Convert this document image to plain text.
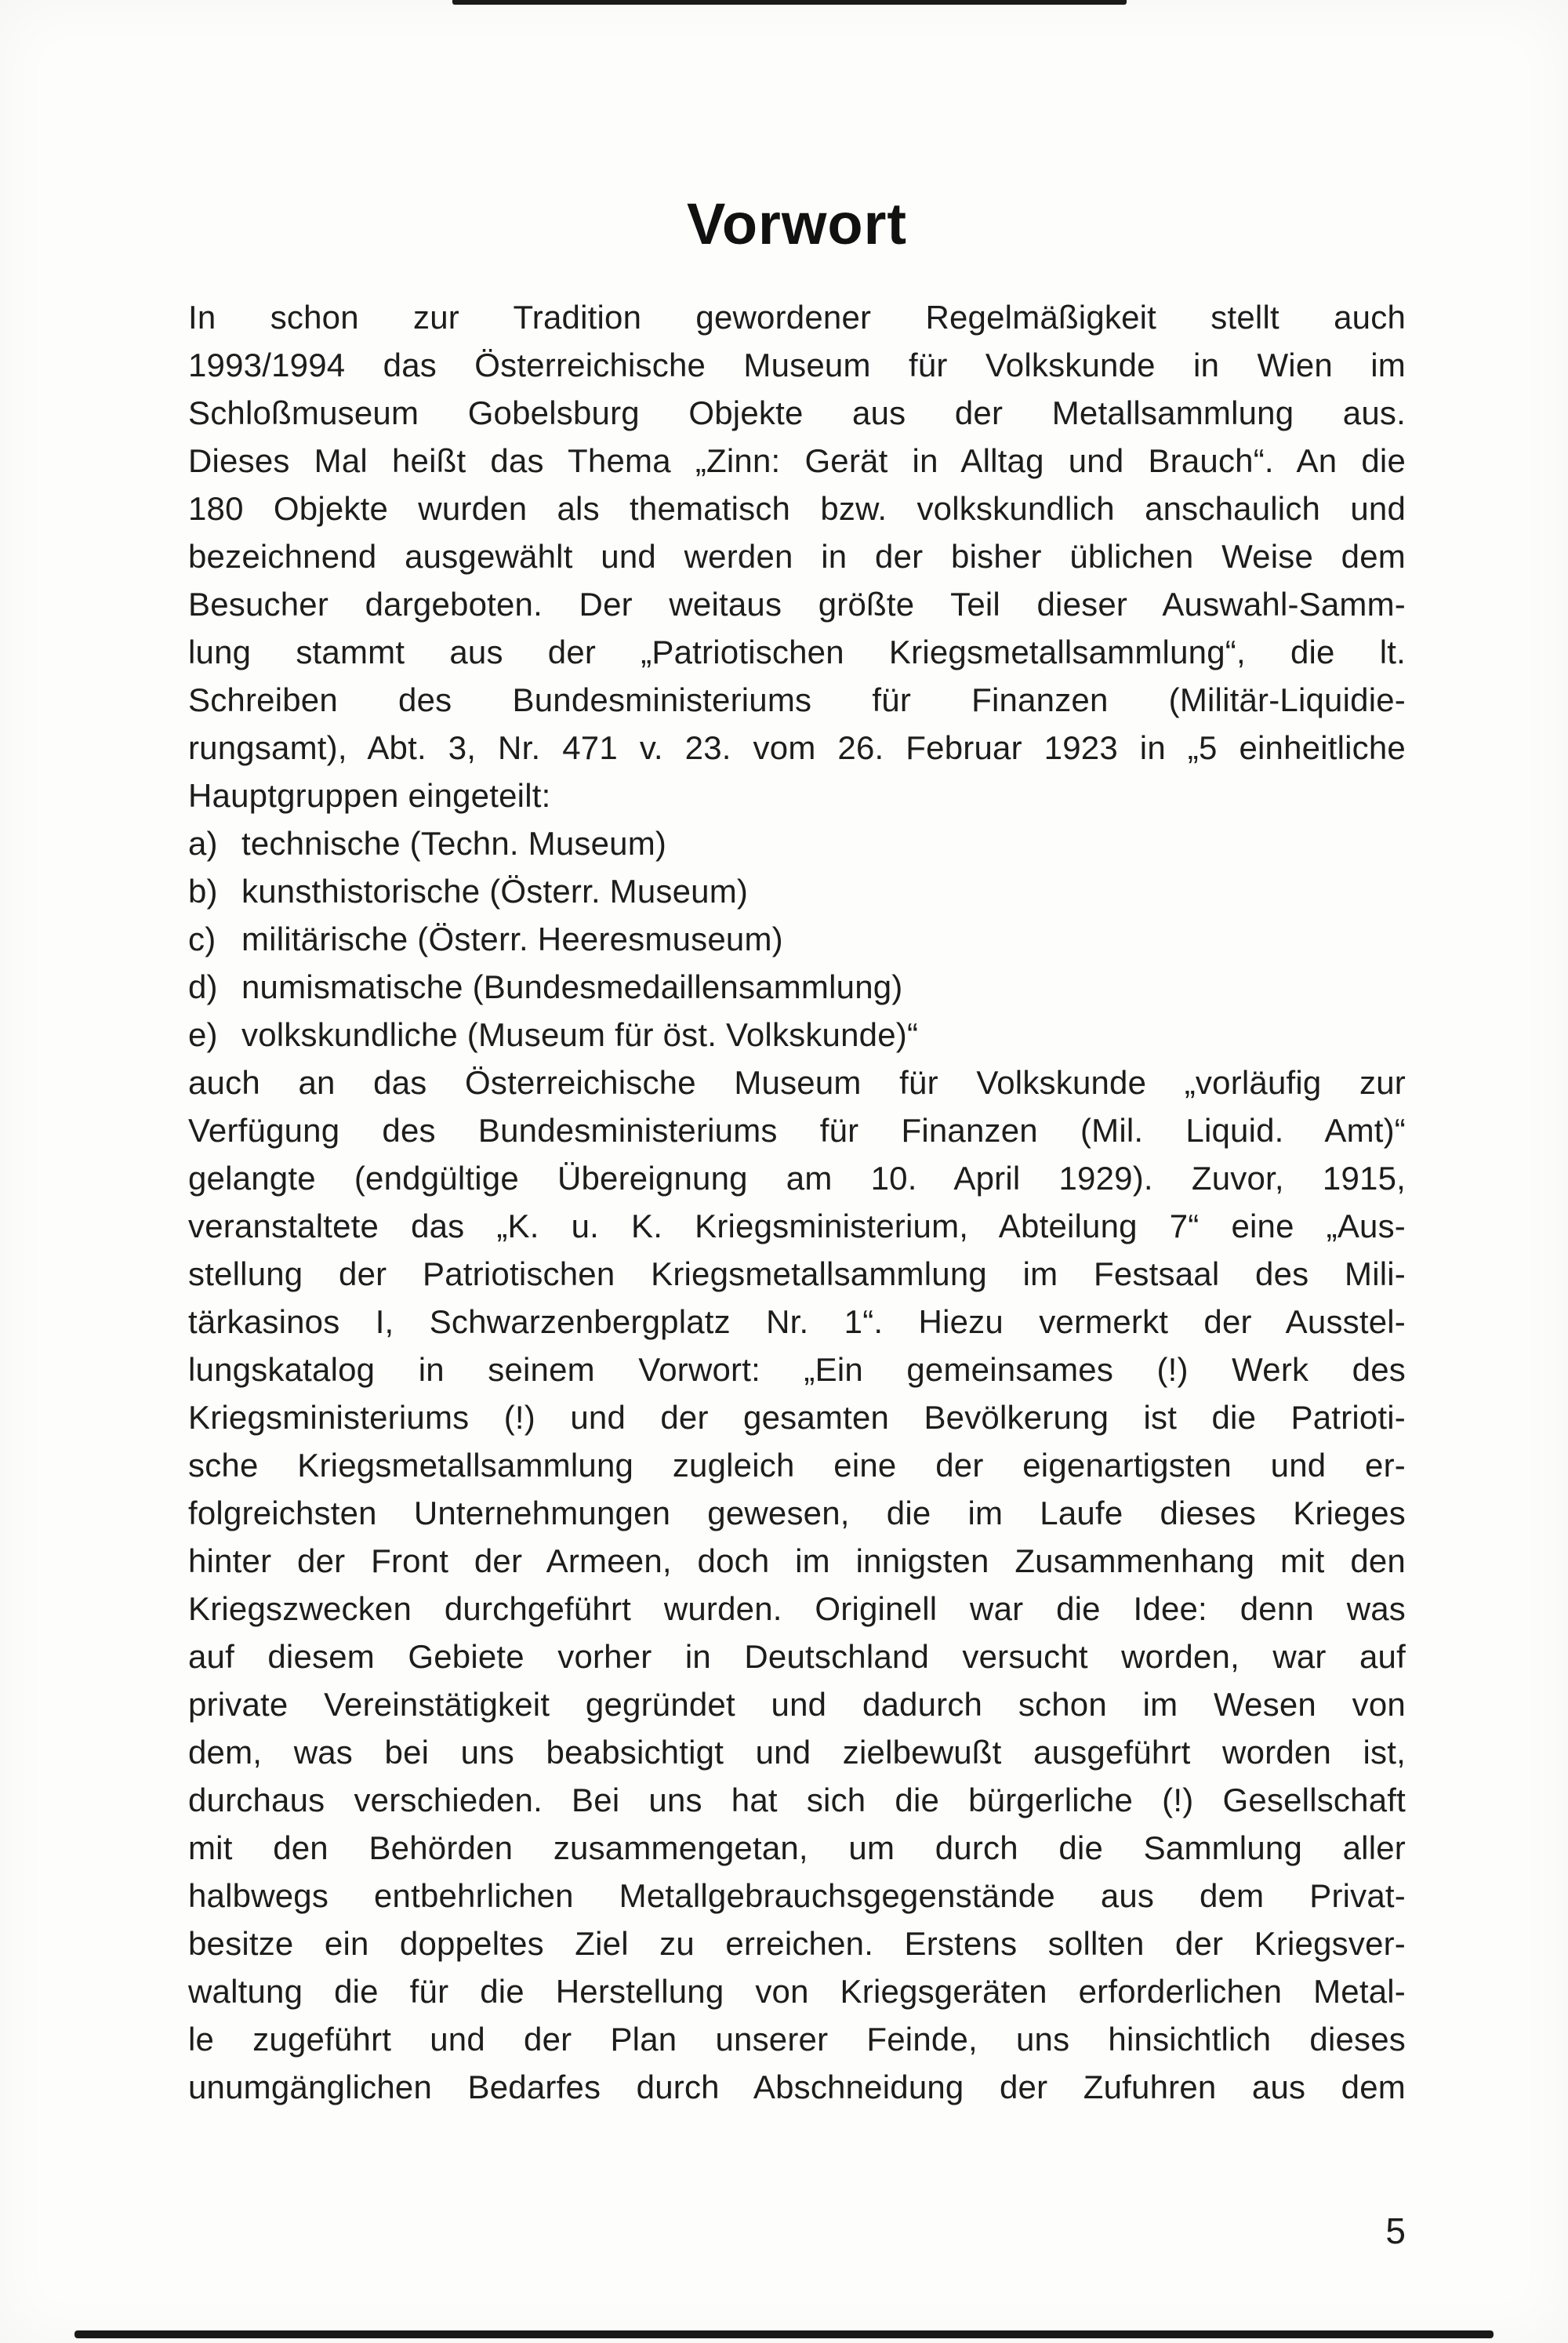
Vorwort
In schon zur Tradition gewordener Regelmäßigkeit stellt auch
1993/1994 das Österreichische Museum für Volkskunde in Wien im
Schloßmuseum Gobelsburg Objekte aus der Metallsammlung aus.
Dieses Mal heißt das Thema „Zinn: Gerät in Alltag und Brauch“. An die
180 Objekte wurden als thematisch bzw. volkskundlich anschaulich und
bezeichnend ausgewählt und werden in der bisher üblichen Weise dem
Besucher dargeboten. Der weitaus größte Teil dieser Auswahl-Samm-
lung stammt aus der „Patriotischen Kriegsmetallsammlung“, die lt.
Schreiben des Bundesministeriums für Finanzen (Militär-Liquidie-
rungsamt), Abt. 3, Nr. 471 v. 23. vom 26. Februar 1923 in „5 einheitliche
Hauptgruppen eingeteilt:
a) technische (Techn. Museum)
b) kunsthistorische (Österr. Museum)
c) militärische (Österr. Heeresmuseum)
d) numismatische (Bundesmedaillensammlung)
e) volkskundliche (Museum für öst. Volkskunde)“
auch an das Österreichische Museum für Volkskunde „vorläufig zur
Verfügung des Bundesministeriums für Finanzen (Mil. Liquid. Amt)“
gelangte (endgültige Übereignung am 10. April 1929). Zuvor, 1915,
veranstaltete das „K. u. K. Kriegsministerium, Abteilung 7“ eine „Aus-
stellung der Patriotischen Kriegsmetallsammlung im Festsaal des Mili-
tärkasinos I, Schwarzenbergplatz Nr. 1“. Hiezu vermerkt der Ausstel-
lungskatalog in seinem Vorwort: „Ein gemeinsames (!) Werk des
Kriegsministeriums (!) und der gesamten Bevölkerung ist die Patrioti-
sche Kriegsmetallsammlung zugleich eine der eigenartigsten und er-
folgreichsten Unternehmungen gewesen, die im Laufe dieses Krieges
hinter der Front der Armeen, doch im innigsten Zusammenhang mit den
Kriegszwecken durchgeführt wurden. Originell war die Idee: denn was
auf diesem Gebiete vorher in Deutschland versucht worden, war auf
private Vereinstätigkeit gegründet und dadurch schon im Wesen von
dem, was bei uns beabsichtigt und zielbewußt ausgeführt worden ist,
durchaus verschieden. Bei uns hat sich die bürgerliche (!) Gesellschaft
mit den Behörden zusammengetan, um durch die Sammlung aller
halbwegs entbehrlichen Metallgebrauchsgegenstände aus dem Privat-
besitze ein doppeltes Ziel zu erreichen. Erstens sollten der Kriegsver-
waltung die für die Herstellung von Kriegsgeräten erforderlichen Metal-
le zugeführt und der Plan unserer Feinde, uns hinsichtlich dieses
unumgänglichen Bedarfes durch Abschneidung der Zufuhren aus dem
5
